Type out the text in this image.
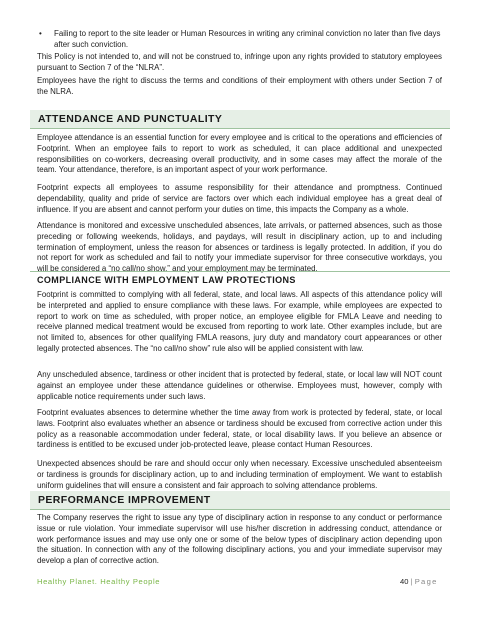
• Failing to report to the site leader or Human Resources in writing any criminal conviction no later than five days after such conviction.

This Policy is not intended to, and will not be construed to, infringe upon any rights provided to statutory employees pursuant to Section 7 of the “NLRA”.

Employees have the right to discuss the terms and conditions of their employment with others under Section 7 of the NLRA.

ATTENDANCE AND PUNCTUALITY

Employee attendance is an essential function for every employee and is critical to the operations and efficiencies of Footprint. When an employee fails to report to work as scheduled, it can place additional and unexpected responsibilities on co-workers, decreasing overall productivity, and in some cases may affect the morale of the team. Your attendance, therefore, is an important aspect of your work performance.

Footprint expects all employees to assume responsibility for their attendance and promptness. Continued dependability, quality and pride of service are factors over which each individual employee has a great deal of influence. If you are absent and cannot perform your duties on time, this impacts the Company as a whole.

Attendance is monitored and excessive unscheduled absences, late arrivals, or patterned absences, such as those preceding or following weekends, holidays, and paydays, will result in disciplinary action, up to and including termination of employment, unless the reason for absences or tardiness is legally protected. In addition, if you do not report for work as scheduled and fail to notify your immediate supervisor for three consecutive workdays, you will be considered a “no call/no show,” and your employment may be terminated.

COMPLIANCE WITH EMPLOYMENT LAW PROTECTIONS

Footprint is committed to complying with all federal, state, and local laws. All aspects of this attendance policy will be interpreted and applied to ensure compliance with these laws. For example, while employees are expected to report to work on time as scheduled, with proper notice, an employee eligible for FMLA Leave and needing to receive planned medical treatment would be excused from reporting to work late. Other examples include, but are not limited to, absences for other qualifying FMLA reasons, jury duty and mandatory court appearances or other legally protected absences. The “no call/no show” rule also will be applied consistent with law.

Any unscheduled absence, tardiness or other incident that is protected by federal, state, or local law will NOT count against an employee under these attendance guidelines or otherwise. Employees must, however, comply with applicable notice requirements under such laws.

Footprint evaluates absences to determine whether the time away from work is protected by federal, state, or local laws. Footprint also evaluates whether an absence or tardiness should be excused from corrective action under this policy as a reasonable accommodation under federal, state, or local disability laws. If you believe an absence or tardiness is entitled to be excused under job-protected leave, please contact Human Resources.

Unexpected absences should be rare and should occur only when necessary. Excessive unscheduled absenteeism or tardiness is grounds for disciplinary action, up to and including termination of employment. We want to establish uniform guidelines that will ensure a consistent and fair approach to solving attendance problems.

PERFORMANCE IMPROVEMENT

The Company reserves the right to issue any type of disciplinary action in response to any conduct or performance issue or rule violation. Your immediate supervisor will use his/her discretion in addressing conduct, attendance or work performance issues and may use only one or some of the below types of disciplinary action depending upon the situation. In connection with any of the following disciplinary actions, you and your immediate supervisor may develop a plan of corrective action.

Healthy Planet. Healthy People	40 | Page
